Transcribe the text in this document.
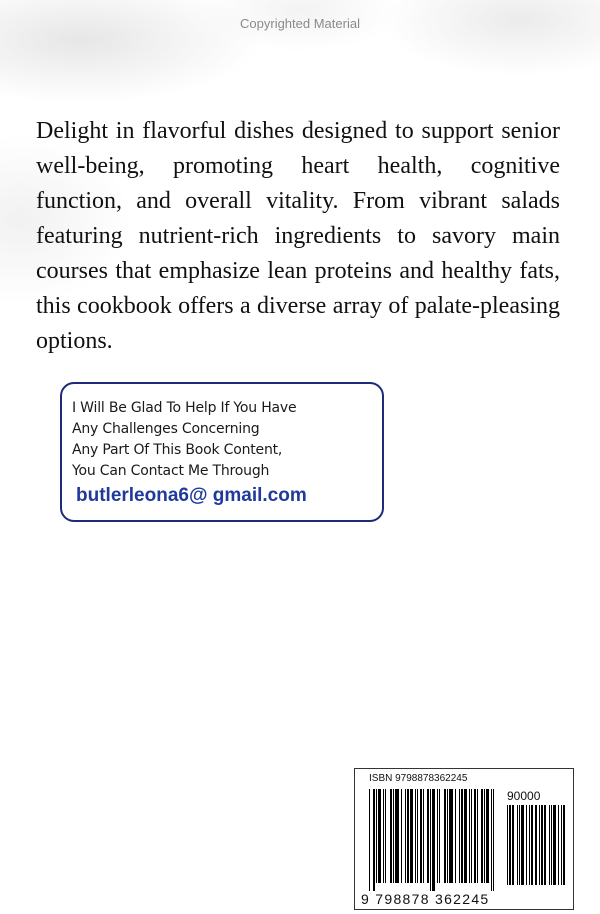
Copyrighted Material

Delight in flavorful dishes designed to support senior well-being, promoting heart health, cognitive function, and overall vitality. From vibrant salads featuring nutrient-rich ingredients to savory main courses that emphasize lean proteins and healthy fats, this cookbook offers a diverse array of palate-pleasing options.

I Will Be Glad To Help If You Have
Any Challenges Concerning
Any Part Of This Book Content,
You Can Contact Me Through
butlerleona6@ gmail.com
ISBN 9798878362245
90000
9 798878 362245
